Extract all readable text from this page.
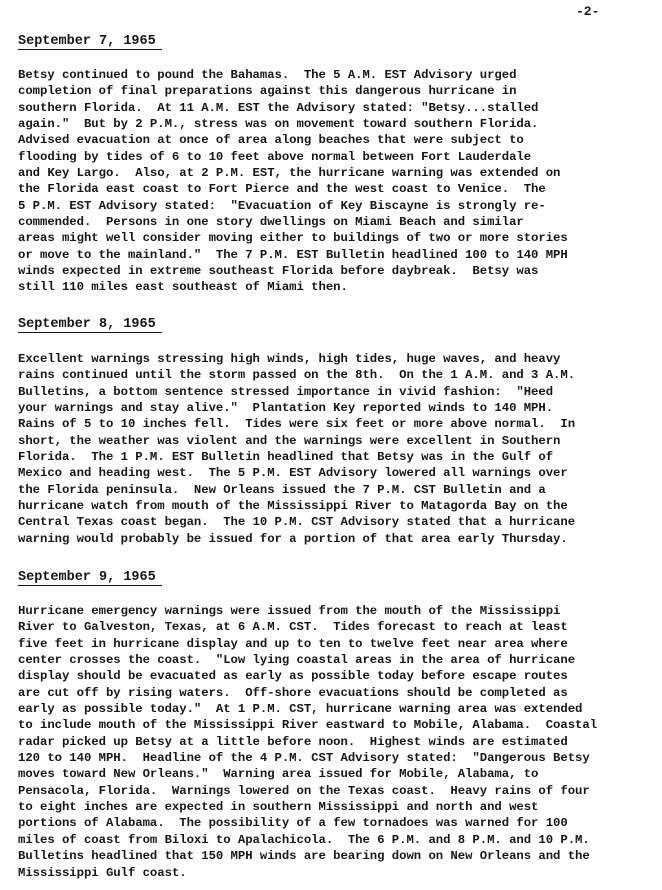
-2-
September 7, 1965

Betsy continued to pound the Bahamas.  The 5 A.M. EST Advisory urged
completion of final preparations against this dangerous hurricane in
southern Florida.  At 11 A.M. EST the Advisory stated: "Betsy...stalled
again."  But by 2 P.M., stress was on movement toward southern Florida.
Advised evacuation at once of area along beaches that were subject to
flooding by tides of 6 to 10 feet above normal between Fort Lauderdale
and Key Largo.  Also, at 2 P.M. EST, the hurricane warning was extended on
the Florida east coast to Fort Pierce and the west coast to Venice.  The
5 P.M. EST Advisory stated:  "Evacuation of Key Biscayne is strongly re-
commended.  Persons in one story dwellings on Miami Beach and similar
areas might well consider moving either to buildings of two or more stories
or move to the mainland."  The 7 P.M. EST Bulletin headlined 100 to 140 MPH
winds expected in extreme southeast Florida before daybreak.  Betsy was
still 110 miles east southeast of Miami then.

September 8, 1965

Excellent warnings stressing high winds, high tides, huge waves, and heavy
rains continued until the storm passed on the 8th.  On the 1 A.M. and 3 A.M.
Bulletins, a bottom sentence stressed importance in vivid fashion:  "Heed
your warnings and stay alive."  Plantation Key reported winds to 140 MPH.
Rains of 5 to 10 inches fell.  Tides were six feet or more above normal.  In
short, the weather was violent and the warnings were excellent in Southern
Florida.  The 1 P.M. EST Bulletin headlined that Betsy was in the Gulf of
Mexico and heading west.  The 5 P.M. EST Advisory lowered all warnings over
the Florida peninsula.  New Orleans issued the 7 P.M. CST Bulletin and a
hurricane watch from mouth of the Mississippi River to Matagorda Bay on the
Central Texas coast began.  The 10 P.M. CST Advisory stated that a hurricane
warning would probably be issued for a portion of that area early Thursday.

September 9, 1965

Hurricane emergency warnings were issued from the mouth of the Mississippi
River to Galveston, Texas, at 6 A.M. CST.  Tides forecast to reach at least
five feet in hurricane display and up to ten to twelve feet near area where
center crosses the coast.  "Low lying coastal areas in the area of hurricane
display should be evacuated as early as possible today before escape routes
are cut off by rising waters.  Off-shore evacuations should be completed as
early as possible today."  At 1 P.M. CST, hurricane warning area was extended
to include mouth of the Mississippi River eastward to Mobile, Alabama.  Coastal
radar picked up Betsy at a little before noon.  Highest winds are estimated
120 to 140 MPH.  Headline of the 4 P.M. CST Advisory stated:  "Dangerous Betsy
moves toward New Orleans."  Warning area issued for Mobile, Alabama, to
Pensacola, Florida.  Warnings lowered on the Texas coast.  Heavy rains of four
to eight inches are expected in southern Mississippi and north and west
portions of Alabama.  The possibility of a few tornadoes was warned for 100
miles of coast from Biloxi to Apalachicola.  The 6 P.M. and 8 P.M. and 10 P.M.
Bulletins headlined that 150 MPH winds are bearing down on New Orleans and the
Mississippi Gulf coast.
